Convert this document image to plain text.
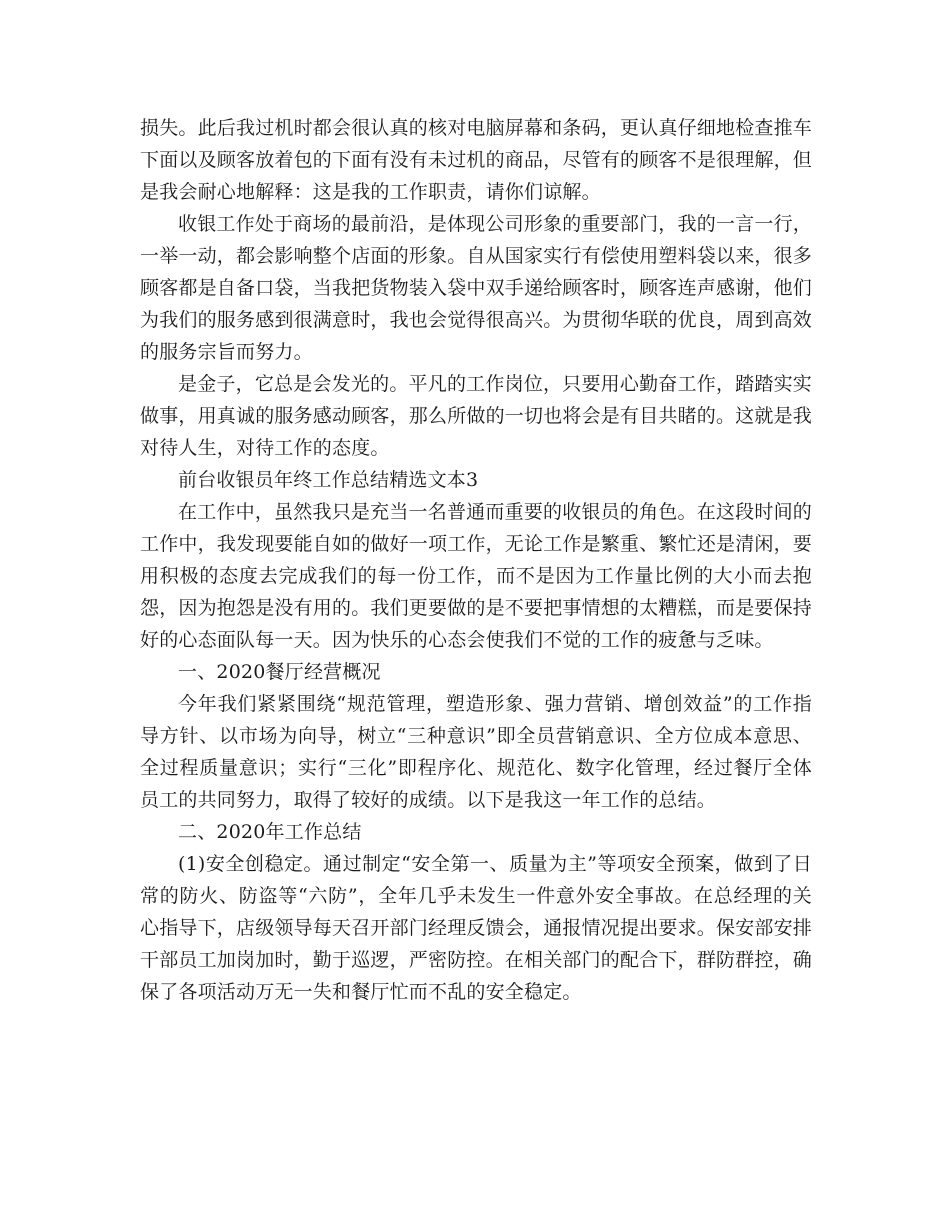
损失。此后我过机时都会很认真的核对电脑屏幕和条码，更认真仔细地检查推车下面以及顾客放着包的下面有没有未过机的商品，尽管有的顾客不是很理解，但是我会耐心地解释：这是我的工作职责，请你们谅解。

收银工作处于商场的最前沿，是体现公司形象的重要部门，我的一言一行，一举一动，都会影响整个店面的形象。自从国家实行有偿使用塑料袋以来，很多顾客都是自备口袋，当我把货物装入袋中双手递给顾客时，顾客连声感谢，他们为我们的服务感到很满意时，我也会觉得很高兴。为贯彻华联的优良，周到高效的服务宗旨而努力。

是金子，它总是会发光的。平凡的工作岗位，只要用心勤奋工作，踏踏实实做事，用真诚的服务感动顾客，那么所做的一切也将会是有目共睹的。这就是我对待人生，对待工作的态度。

前台收银员年终工作总结精选文本3

在工作中，虽然我只是充当一名普通而重要的收银员的角色。在这段时间的工作中，我发现要能自如的做好一项工作，无论工作是繁重、繁忙还是清闲，要用积极的态度去完成我们的每一份工作，而不是因为工作量比例的大小而去抱怨，因为抱怨是没有用的。我们更要做的是不要把事情想的太糟糕，而是要保持好的心态面队每一天。因为快乐的心态会使我们不觉的工作的疲惫与乏味。

一、2020餐厅经营概况

今年我们紧紧围绕“规范管理，塑造形象、强力营销、增创效益”的工作指导方针、以市场为向导，树立“三种意识”即全员营销意识、全方位成本意思、全过程质量意识；实行“三化”即程序化、规范化、数字化管理，经过餐厅全体员工的共同努力，取得了较好的成绩。以下是我这一年工作的总结。

二、2020年工作总结

(1)安全创稳定。通过制定“安全第一、质量为主”等项安全预案，做到了日常的防火、防盗等“六防”，全年几乎未发生一件意外安全事故。在总经理的关心指导下，店级领导每天召开部门经理反馈会，通报情况提出要求。保安部安排干部员工加岗加时，勤于巡逻，严密防控。在相关部门的配合下，群防群控，确保了各项活动万无一失和餐厅忙而不乱的安全稳定。
